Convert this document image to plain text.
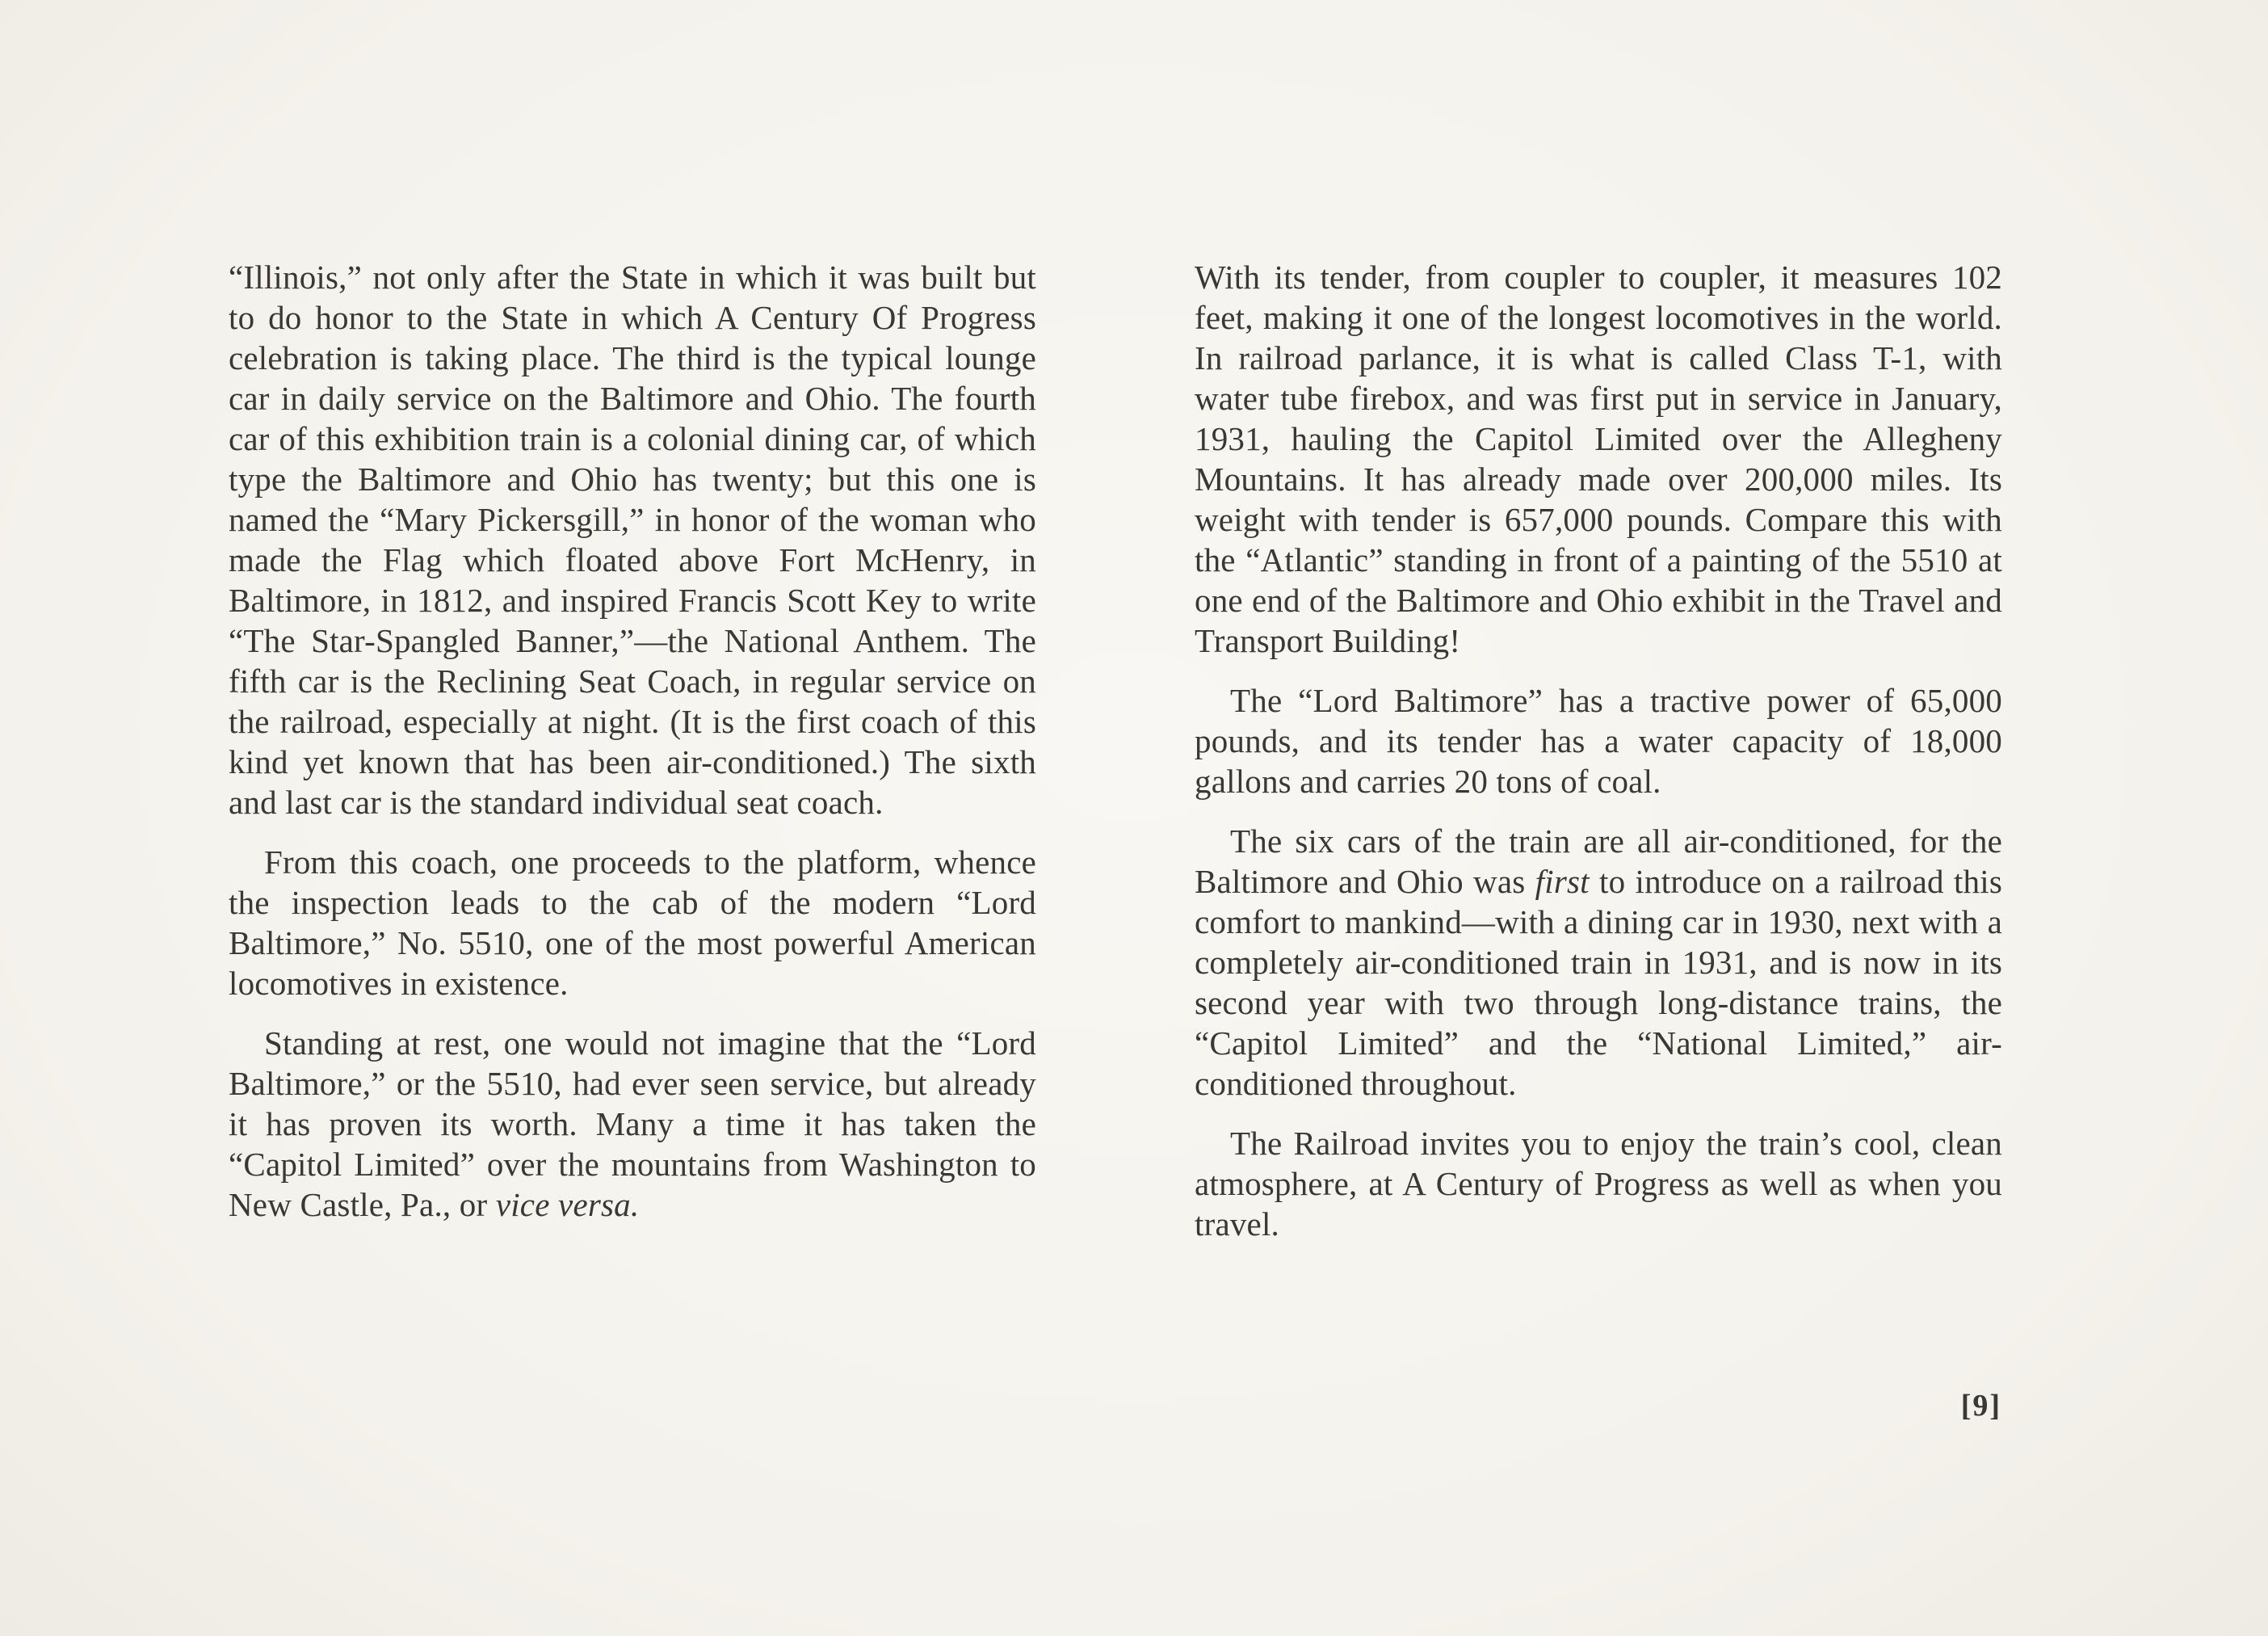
“Illinois,” not only after the State in which it was built but to do honor to the State in which A Century Of Progress celebration is taking place. The third is the typical lounge car in daily service on the Baltimore and Ohio. The fourth car of this exhibition train is a colonial dining car, of which type the Baltimore and Ohio has twenty; but this one is named the “Mary Pickersgill,” in honor of the woman who made the Flag which floated above Fort McHenry, in Baltimore, in 1812, and inspired Francis Scott Key to write “The Star-Spangled Banner,”—the National Anthem. The fifth car is the Reclining Seat Coach, in regular service on the railroad, especially at night. (It is the first coach of this kind yet known that has been air-conditioned.) The sixth and last car is the standard individual seat coach.

From this coach, one proceeds to the platform, whence the inspection leads to the cab of the modern “Lord Baltimore,” No. 5510, one of the most powerful American locomotives in existence.

Standing at rest, one would not imagine that the “Lord Baltimore,” or the 5510, had ever seen service, but already it has proven its worth. Many a time it has taken the “Capitol Limited” over the mountains from Washington to New Castle, Pa., or vice versa.

With its tender, from coupler to coupler, it measures 102 feet, making it one of the longest locomotives in the world. In railroad parlance, it is what is called Class T-1, with water tube firebox, and was first put in service in January, 1931, hauling the Capitol Limited over the Allegheny Mountains. It has already made over 200,000 miles. Its weight with tender is 657,000 pounds. Compare this with the “Atlantic” standing in front of a painting of the 5510 at one end of the Baltimore and Ohio exhibit in the Travel and Transport Building!

The “Lord Baltimore” has a tractive power of 65,000 pounds, and its tender has a water capacity of 18,000 gallons and carries 20 tons of coal.

The six cars of the train are all air-conditioned, for the Baltimore and Ohio was first to introduce on a railroad this comfort to mankind—with a dining car in 1930, next with a completely air-conditioned train in 1931, and is now in its second year with two through long-distance trains, the “Capitol Limited” and the “National Limited,” air-conditioned throughout.

The Railroad invites you to enjoy the train’s cool, clean atmosphere, at A Century of Progress as well as when you travel.

[9]
